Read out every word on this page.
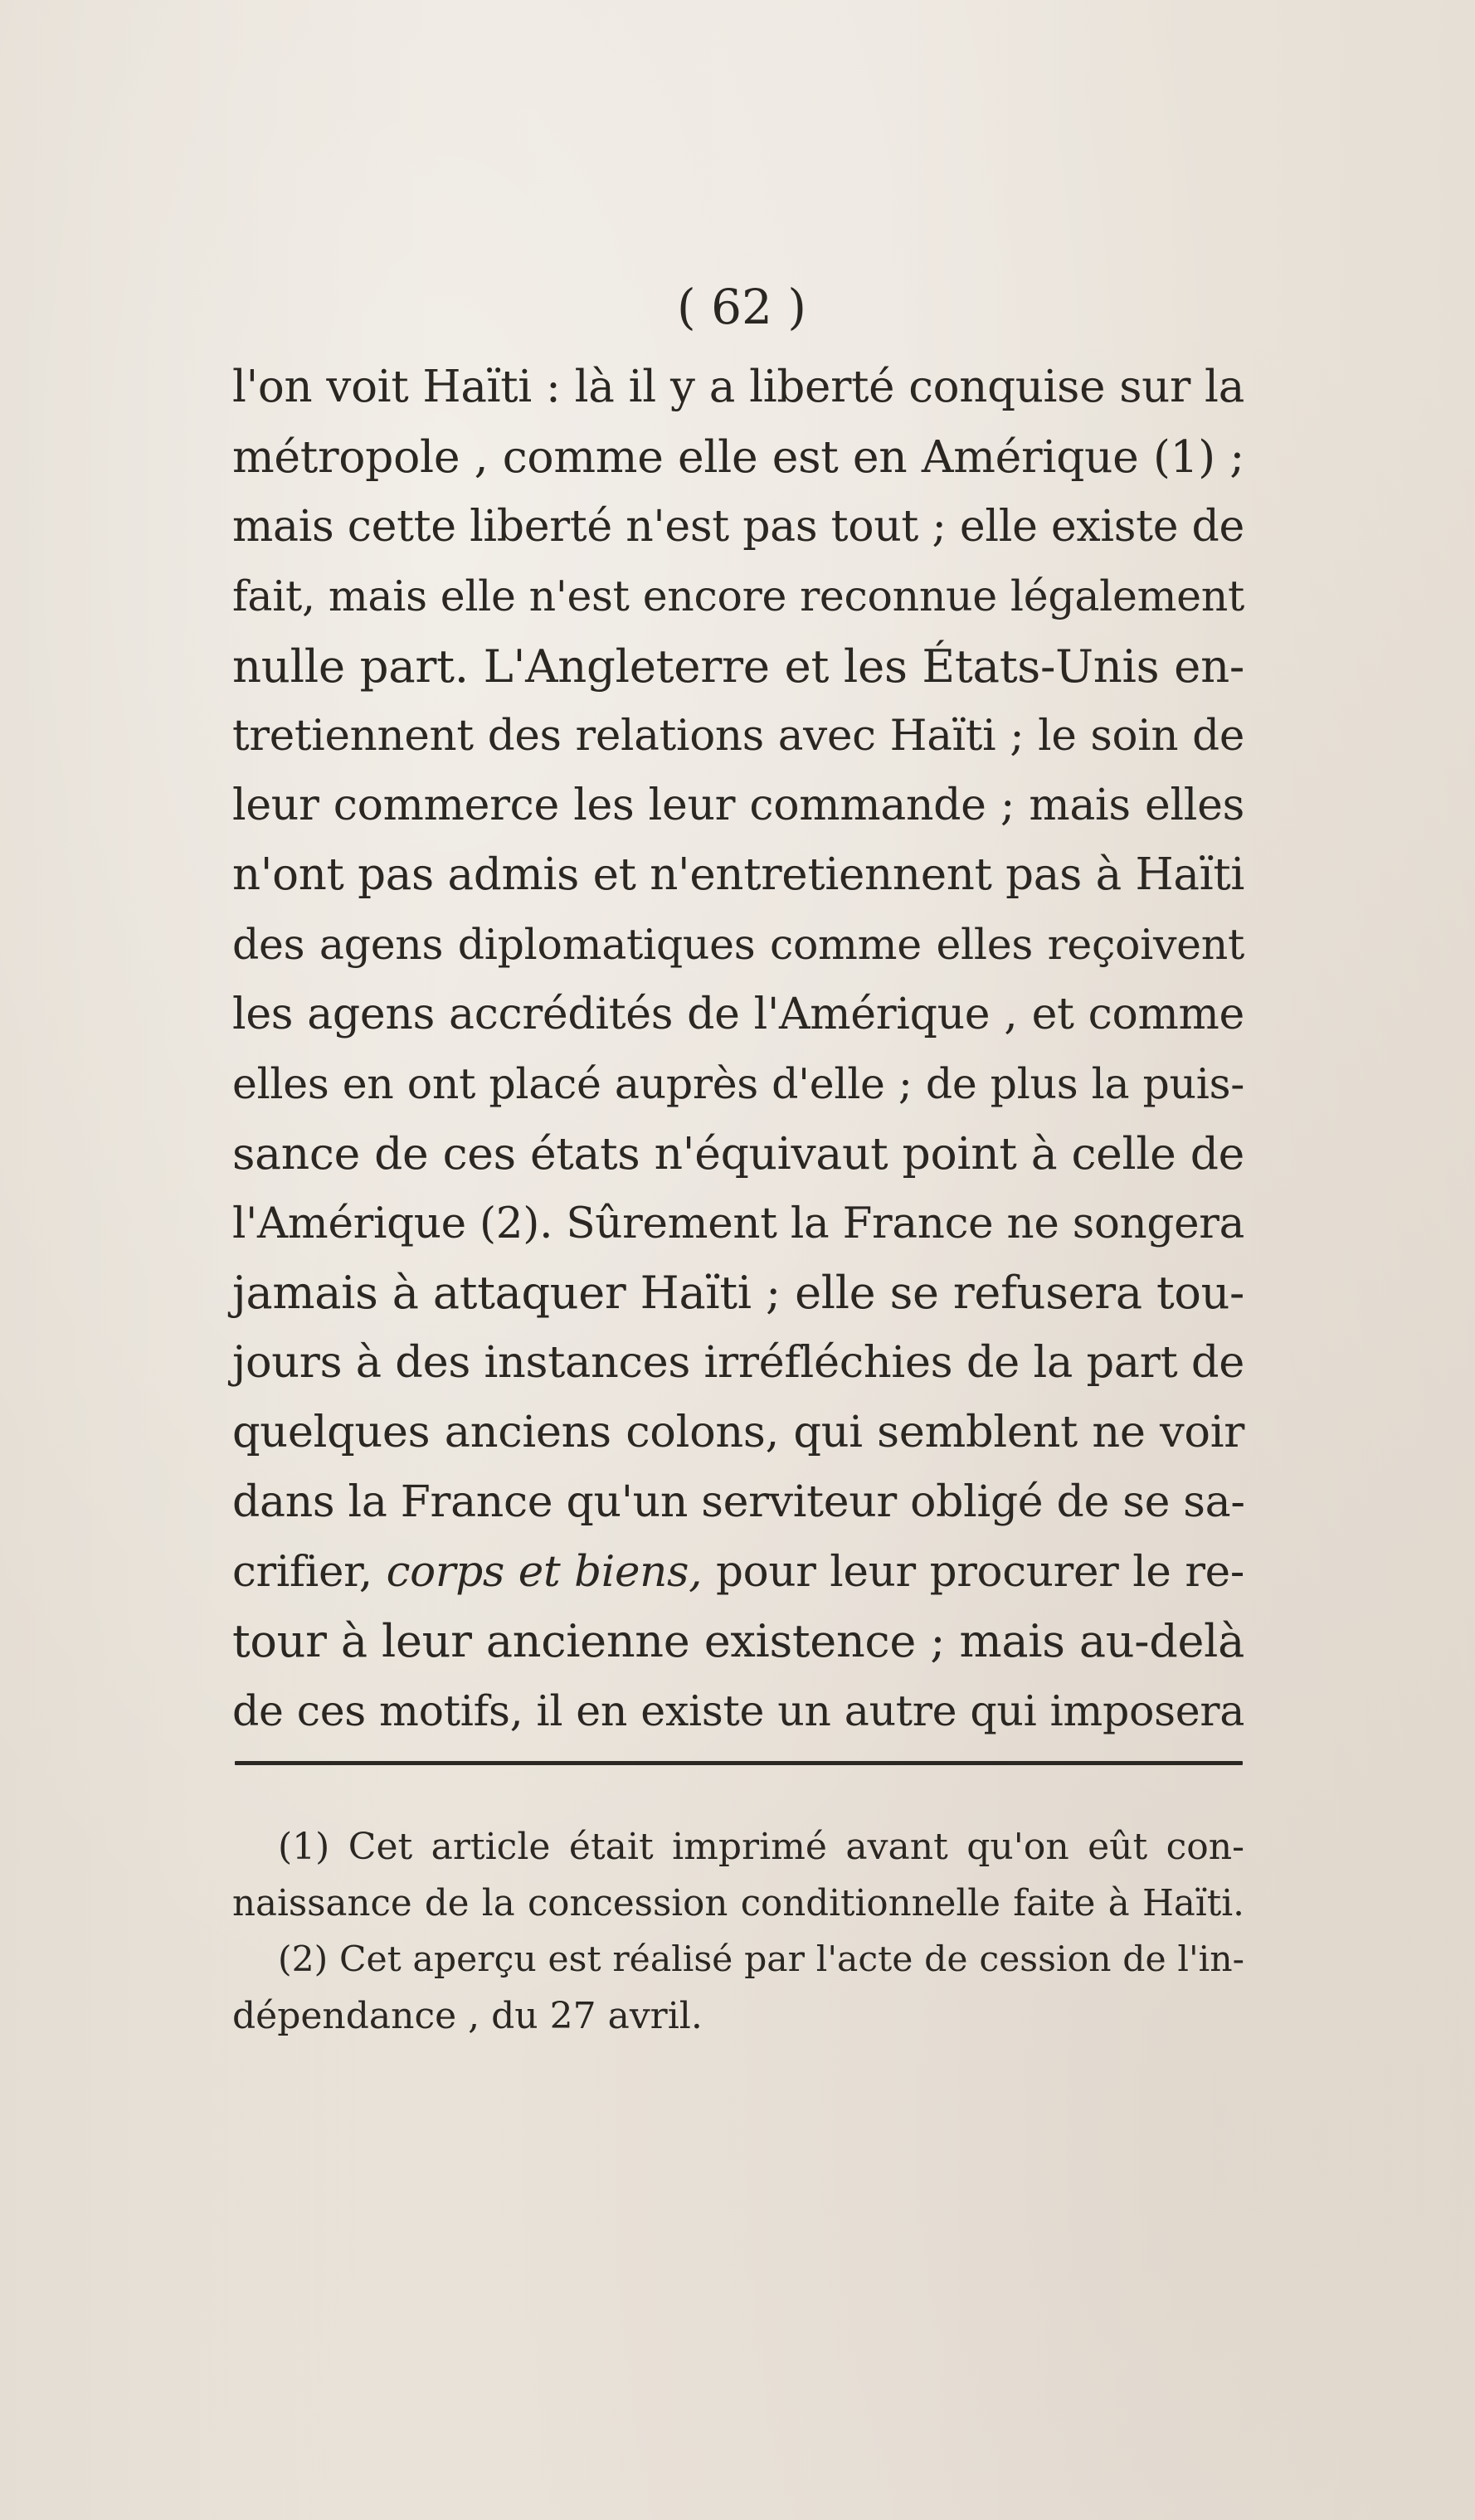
( 62 )
l'on voit Haïti : là il y a liberté conquise sur la
métropole , comme elle est en Amérique (1) ;
mais cette liberté n'est pas tout ; elle existe de
fait, mais elle n'est encore reconnue légalement
nulle part. L'Angleterre et les États-Unis en-
tretiennent des relations avec Haïti ; le soin de
leur commerce les leur commande ; mais elles
n'ont pas admis et n'entretiennent pas à Haïti
des agens diplomatiques comme elles reçoivent
les agens accrédités de l'Amérique , et comme
elles en ont placé auprès d'elle ; de plus la puis-
sance de ces états n'équivaut point à celle de
l'Amérique (2). Sûrement la France ne songera
jamais à attaquer Haïti ; elle se refusera tou-
jours à des instances irréfléchies de la part de
quelques anciens colons, qui semblent ne voir
dans la France qu'un serviteur obligé de se sa-
crifier, corps et biens, pour leur procurer le re-
tour à leur ancienne existence ; mais au-delà
de ces motifs, il en existe un autre qui imposera
(1) Cet article était imprimé avant qu'on eût con-
naissance de la concession conditionnelle faite à Haïti.
(2) Cet aperçu est réalisé par l'acte de cession de l'in-
dépendance , du 27 avril.
